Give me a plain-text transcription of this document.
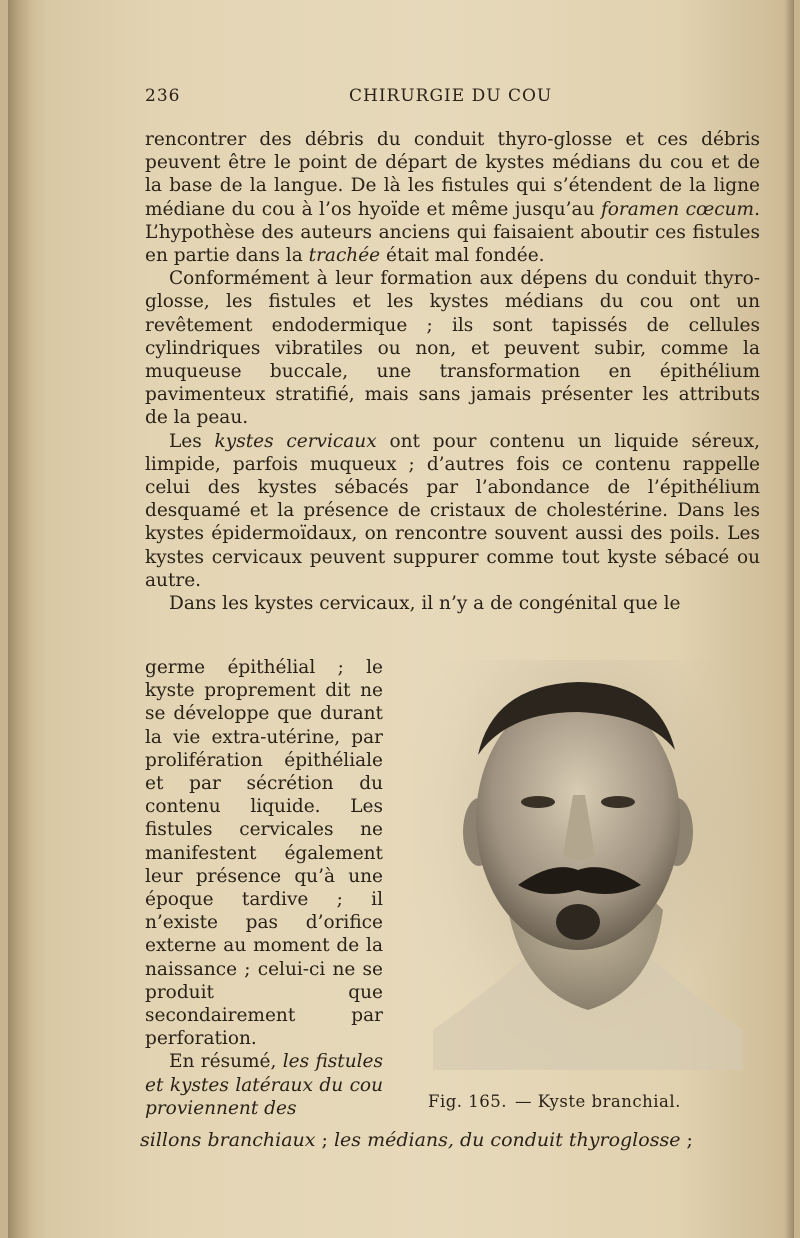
236	CHIRURGIE DU COU

rencontrer des débris du conduit thyro-glosse et ces débris peuvent être le point de départ de kystes médians du cou et de la base de la langue. De là les fistules qui s’étendent de la ligne médiane du cou à l’os hyoïde et même jusqu’au foramen cœcum. L’hypothèse des auteurs anciens qui faisaient aboutir ces fistules en partie dans la trachée était mal fondée.

Conformément à leur formation aux dépens du conduit thyro-glosse, les fistules et les kystes médians du cou ont un revêtement endodermique ; ils sont tapissés de cellules cylindriques vibratiles ou non, et peuvent subir, comme la muqueuse buccale, une transformation en épithélium pavimenteux stratifié, mais sans jamais présenter les attributs de la peau.

Les kystes cervicaux ont pour contenu un liquide séreux, limpide, parfois muqueux ; d’autres fois ce contenu rappelle celui des kystes sébacés par l’abondance de l’épithélium desquamé et la présence de cristaux de cholestérine. Dans les kystes épidermoïdaux, on rencontre souvent aussi des poils. Les kystes cervicaux peuvent suppurer comme tout kyste sébacé ou autre.

Dans les kystes cervicaux, il n’y a de congénital que le

germe épithélial ; le kyste proprement dit ne se développe que durant la vie extra-utérine, par prolifération épithéliale et par sécrétion du contenu liquide. Les fistules cervicales ne manifestent également leur présence qu’à une époque tardive ; il n’existe pas d’orifice externe au moment de la naissance ; celui-ci ne se produit que secondairement par perforation.

En résumé, les fistules et kystes latéraux du cou proviennent des	Fig. 165. — Kyste branchial.
sillons branchiaux ; les médians, du conduit thyroglosse ;
